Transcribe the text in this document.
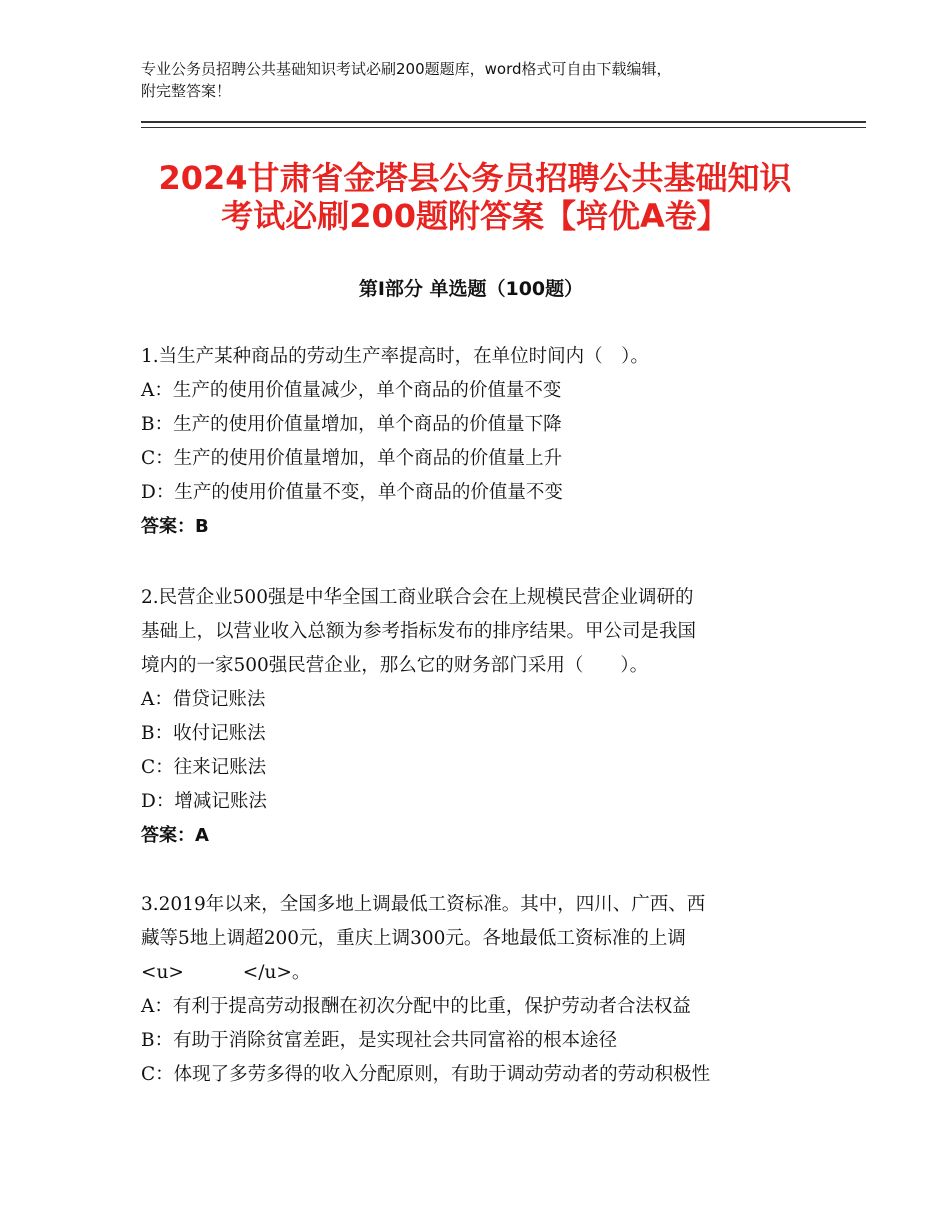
专业公务员招聘公共基础知识考试必刷200题题库，word格式可自由下载编辑，
附完整答案！
2024甘肃省金塔县公务员招聘公共基础知识
考试必刷200题附答案【培优A卷】
第Ⅰ部分 单选题（100题）
1.当生产某种商品的劳动生产率提高时，在单位时间内（　）。
A：生产的使用价值量减少，单个商品的价值量不变
B：生产的使用价值量增加，单个商品的价值量下降
C：生产的使用价值量增加，单个商品的价值量上升
D：生产的使用价值量不变，单个商品的价值量不变
答案：B
2.民营企业500强是中华全国工商业联合会在上规模民营企业调研的
基础上，以营业收入总额为参考指标发布的排序结果。甲公司是我国
境内的一家500强民营企业，那么它的财务部门采用（　　）。
A：借贷记账法
B：收付记账法
C：往来记账法
D：增减记账法
答案：A
3.2019年以来，全国多地上调最低工资标准。其中，四川、广西、西
藏等5地上调超200元，重庆上调300元。各地最低工资标准的上调
<u>          </u>。
A：有利于提高劳动报酬在初次分配中的比重，保护劳动者合法权益
B：有助于消除贫富差距，是实现社会共同富裕的根本途径
C：体现了多劳多得的收入分配原则，有助于调动劳动者的劳动积极性
